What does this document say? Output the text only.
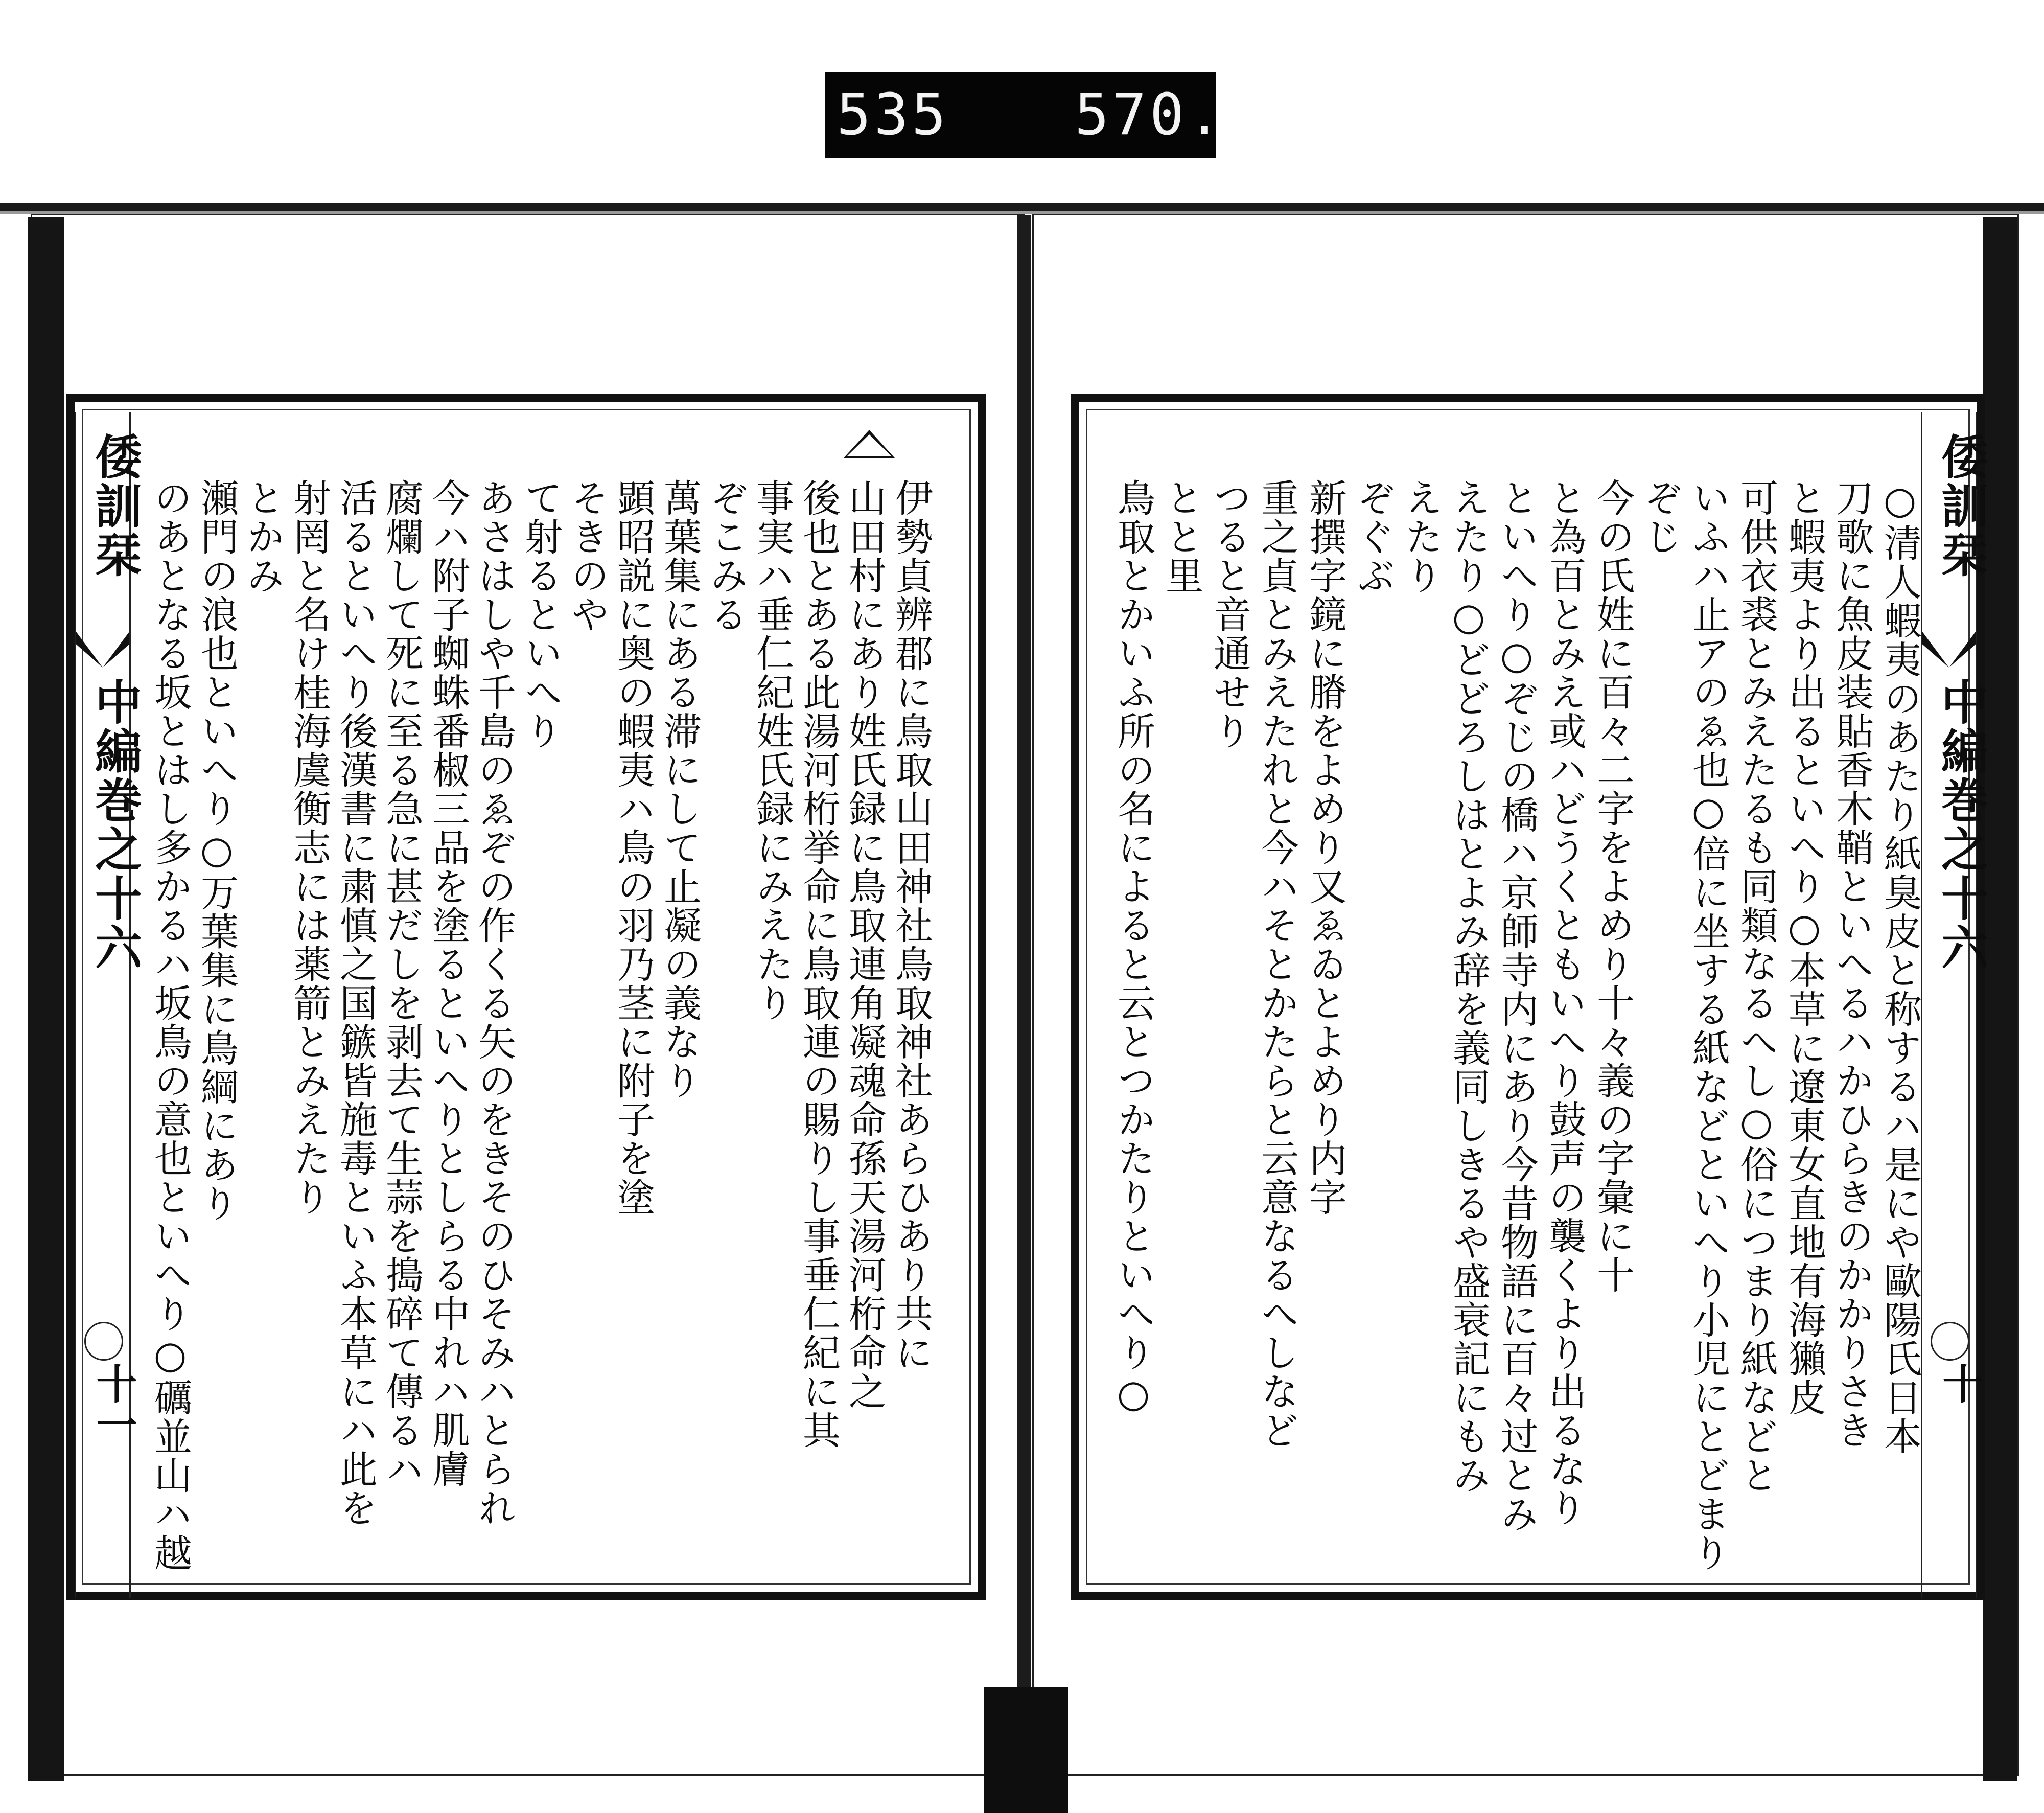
535 570.
伊勢貞辨郡に鳥取山田神社鳥取神社あらひあり共に
山田村にあり姓氏録に鳥取連角凝魂命孫天湯河桁命之
後也とある此湯河桁挙命に鳥取連の賜りし事垂仁紀に其
事実ハ垂仁紀姓氏録にみえたり
ぞこみる
萬葉集にある滞にして止凝の義なり
顕昭説に奥の蝦夷ハ鳥の羽乃茎に附子を塗
そきのや
て射るといへり
あさはしや千島のゑぞの作くる矢のをきそのひそみハとられ
今ハ附子蜘蛛番椒三品を塗るといへりとしらる中れハ肌膚
腐爛して死に至る急に甚だしを剥去て生蒜を搗碎て傳るハ
活るといへり後漢書に粛慎之国鏃皆施毒といふ本草にハ此を
射罔と名け桂海虞衡志には薬箭とみえたり
とかみ
瀬門の浪也といへり○万葉集に鳥綱にあり
のあとなる坂とはし多かるハ坂鳥の意也といへり○礪並山ハ越
倭訓栞
中編巻之十六
十一	○清人蝦夷のあたり紙臭皮と称するハ是にや歐陽氏日本
刀歌に魚皮装貼香木鞘といへるハかひらきのかかりさき
と蝦夷より出るといへり○本草に遼東女直地有海獺皮
可供衣裘とみえたるも同類なるへし○俗につまり紙などと
いふハ止アのゑ也○倍に坐する紙などといへり小児にとどまり
ぞじ
今の氏姓に百々二字をよめり十々義の字彙に十
と為百とみえ或ハどうくともいへり鼓声の襲くより出るなり
といへり○ぞじの橋ハ京師寺内にあり今昔物語に百々过とみ
えたり○どどろしはとよみ辞を義同しきるや盛衰記にもみ
えたり
ぞぐぶ
新撰字鏡に膌をよめり又ゑゐとよめり内字
重之貞とみえたれと今ハそとかたらと云意なるへしなど
つると音通せり
とと里
鳥取とかいふ所の名によると云とつかたりといへり○	倭訓栞
中編巻之十六
十
